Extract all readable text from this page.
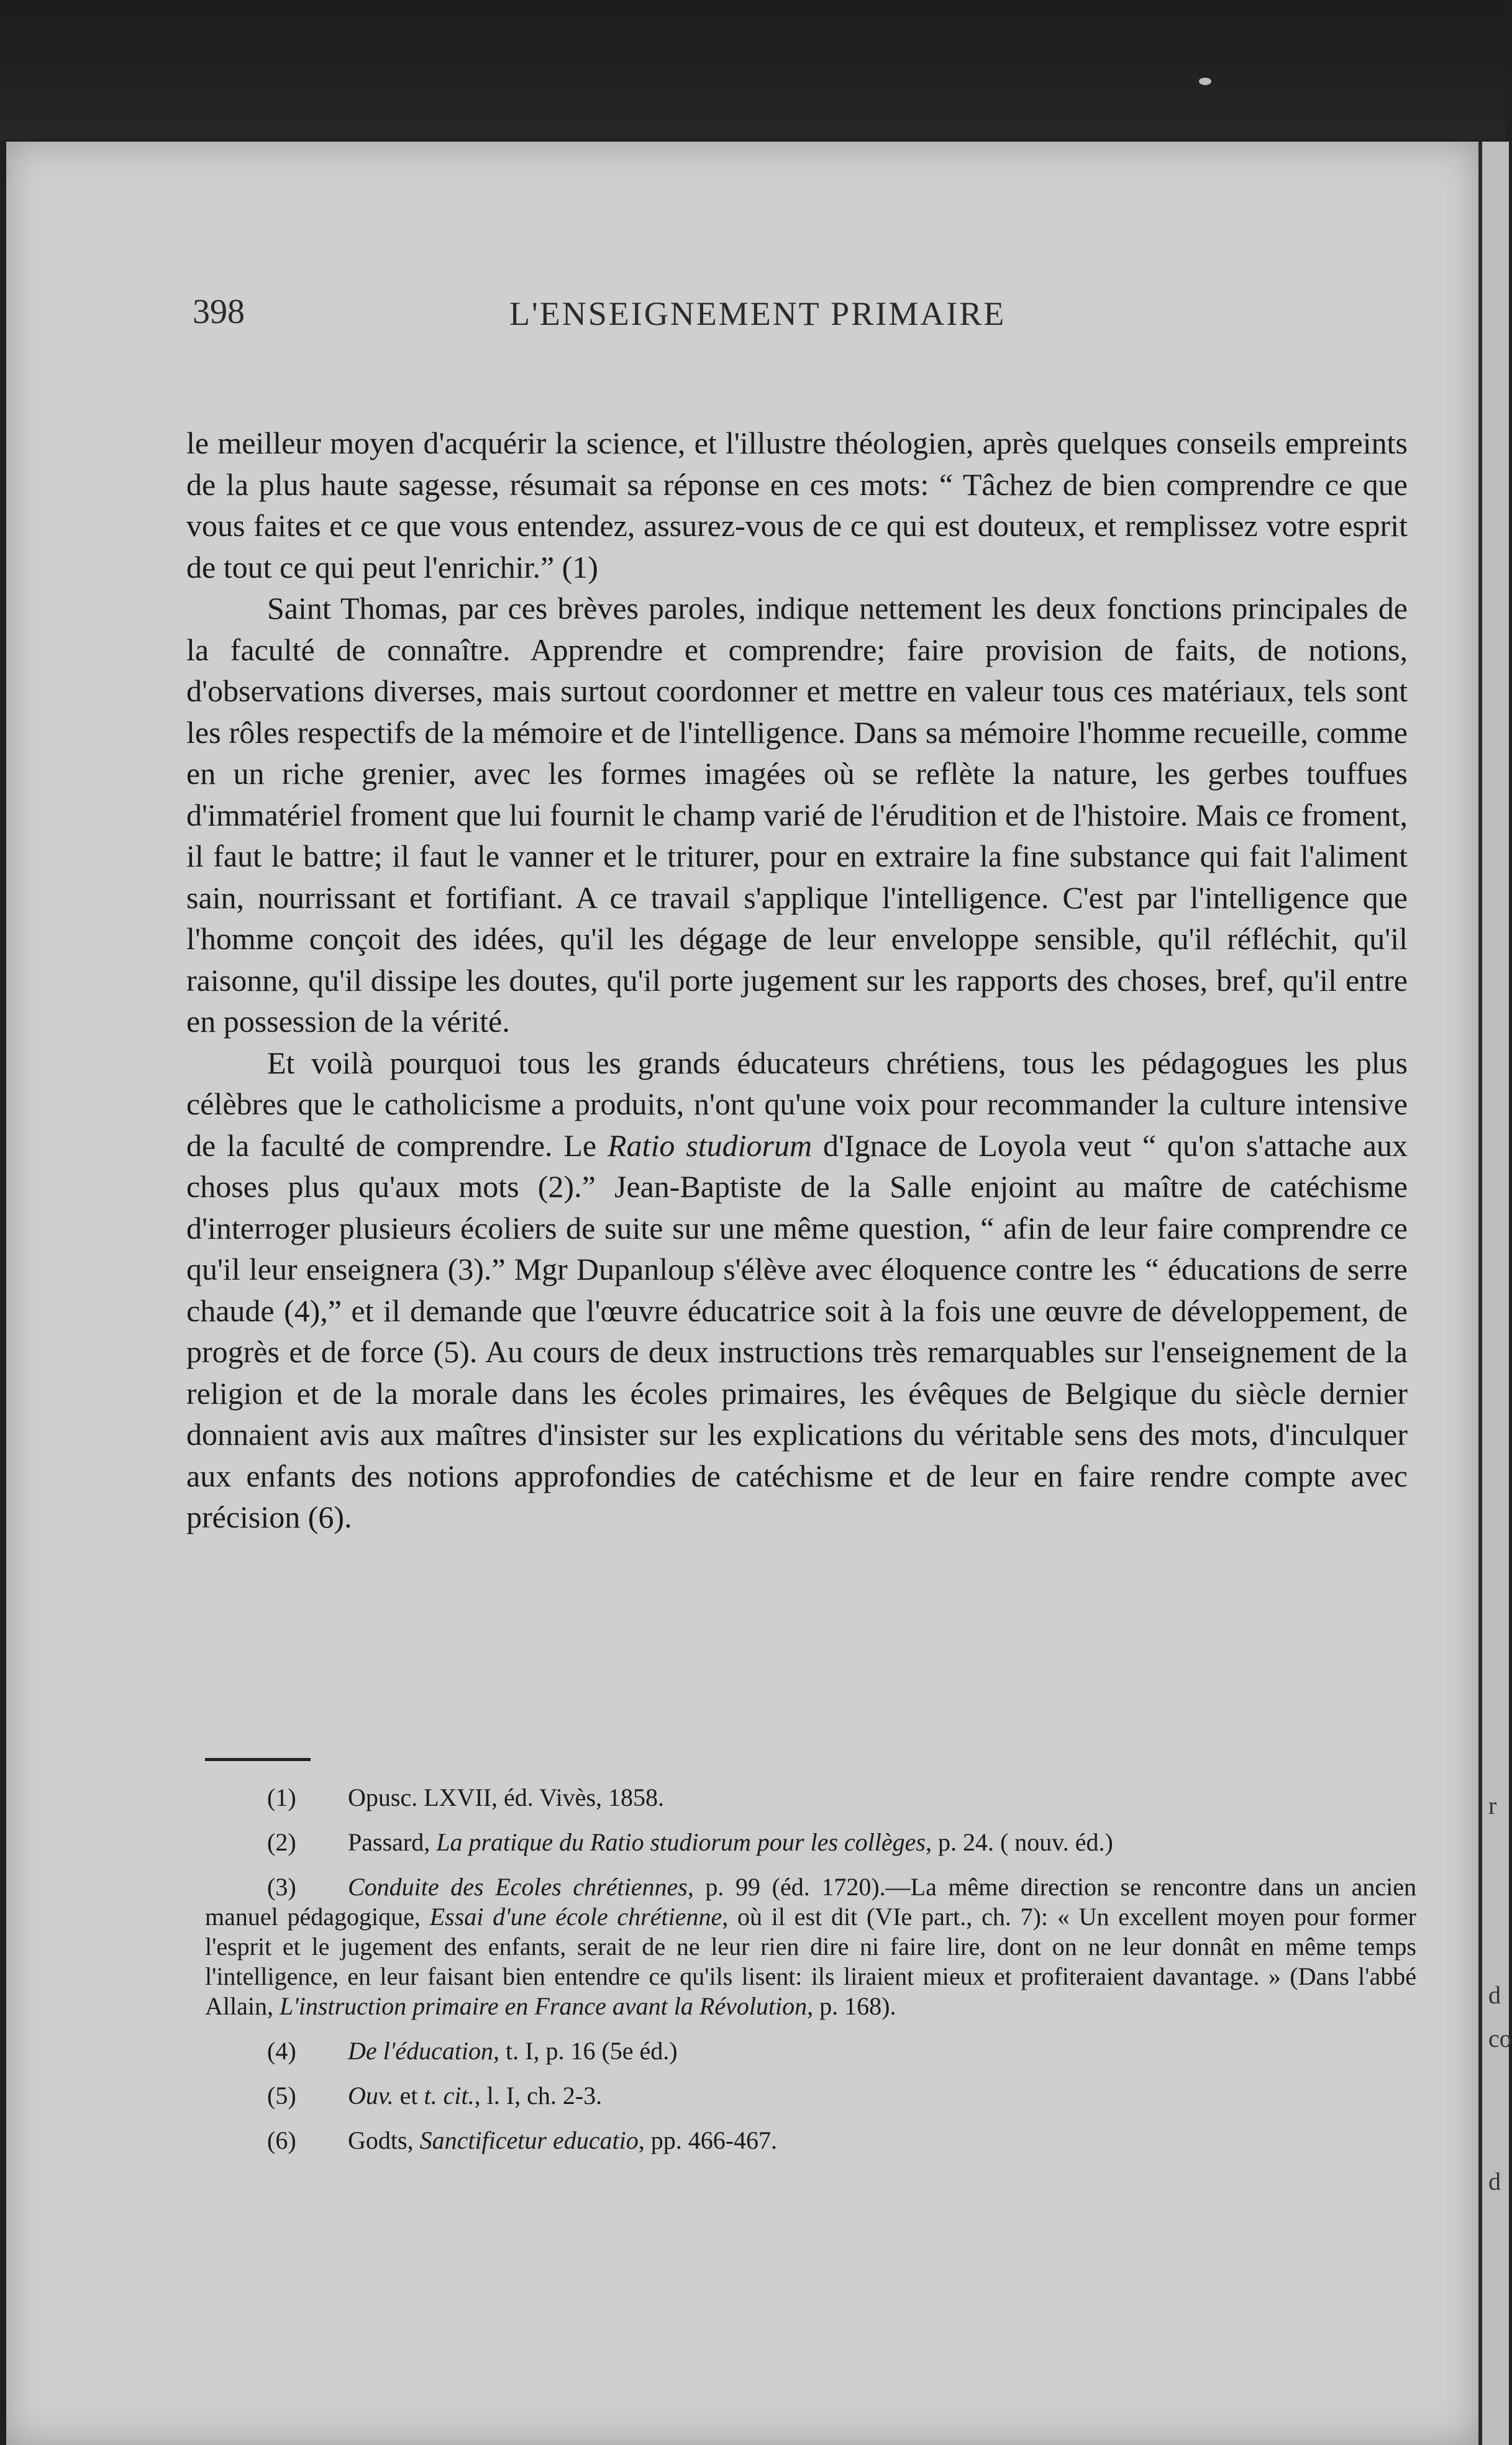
r
d
co
d
398	L'ENSEIGNEMENT PRIMAIRE

le meilleur moyen d'acquérir la science, et l'illustre théologien, après quelques conseils empreints de la plus haute sagesse, résumait sa réponse en ces mots: “ Tâchez de bien comprendre ce que vous faites et ce que vous entendez, assurez-vous de ce qui est douteux, et remplissez votre esprit de tout ce qui peut l'enrichir.” (1)

Saint Thomas, par ces brèves paroles, indique nettement les deux fonctions principales de la faculté de connaître. Apprendre et comprendre; faire provision de faits, de notions, d'observations diverses, mais surtout coordonner et mettre en valeur tous ces matériaux, tels sont les rôles respectifs de la mémoire et de l'intelligence. Dans sa mémoire l'homme recueille, comme en un riche grenier, avec les formes imagées où se reflète la nature, les gerbes touffues d'immatériel froment que lui fournit le champ varié de l'érudition et de l'histoire. Mais ce froment, il faut le battre; il faut le vanner et le triturer, pour en extraire la fine substance qui fait l'aliment sain, nourrissant et fortifiant. A ce travail s'applique l'intelligence. C'est par l'intelligence que l'homme conçoit des idées, qu'il les dégage de leur enveloppe sensible, qu'il réfléchit, qu'il raisonne, qu'il dissipe les doutes, qu'il porte jugement sur les rapports des choses, bref, qu'il entre en possession de la vérité.

Et voilà pourquoi tous les grands éducateurs chrétiens, tous les pédagogues les plus célèbres que le catholicisme a produits, n'ont qu'une voix pour recommander la culture intensive de la faculté de comprendre. Le Ratio studiorum d'Ignace de Loyola veut “ qu'on s'attache aux choses plus qu'aux mots (2).” Jean-Baptiste de la Salle enjoint au maître de catéchisme d'interroger plusieurs écoliers de suite sur une même question, “ afin de leur faire comprendre ce qu'il leur enseignera (3).” Mgr Dupanloup s'élève avec éloquence contre les “ éducations de serre chaude (4),” et il demande que l'œuvre éducatrice soit à la fois une œuvre de développement, de progrès et de force (5). Au cours de deux instructions très remarquables sur l'enseignement de la religion et de la morale dans les écoles primaires, les évêques de Belgique du siècle dernier donnaient avis aux maîtres d'insister sur les explications du véritable sens des mots, d'inculquer aux enfants des notions approfondies de catéchisme et de leur en faire rendre compte avec précision (6).

(1) Opusc. LXVII, éd. Vivès, 1858.

(2) Passard, La pratique du Ratio studiorum pour les collèges, p. 24. ( nouv. éd.)

(3) Conduite des Ecoles chrétiennes, p. 99 (éd. 1720).—La même direction se rencontre dans un ancien manuel pédagogique, Essai d'une école chrétienne, où il est dit (VIe part., ch. 7): « Un excellent moyen pour former l'esprit et le jugement des enfants, serait de ne leur rien dire ni faire lire, dont on ne leur donnât en même temps l'intelligence, en leur faisant bien entendre ce qu'ils lisent: ils liraient mieux et profiteraient davantage. » (Dans l'abbé Allain, L'instruction primaire en France avant la Révolution, p. 168).

(4) De l'éducation, t. I, p. 16 (5e éd.)

(5) Ouv. et t. cit., l. I, ch. 2-3.

(6) Godts, Sanctificetur educatio, pp. 466-467.
